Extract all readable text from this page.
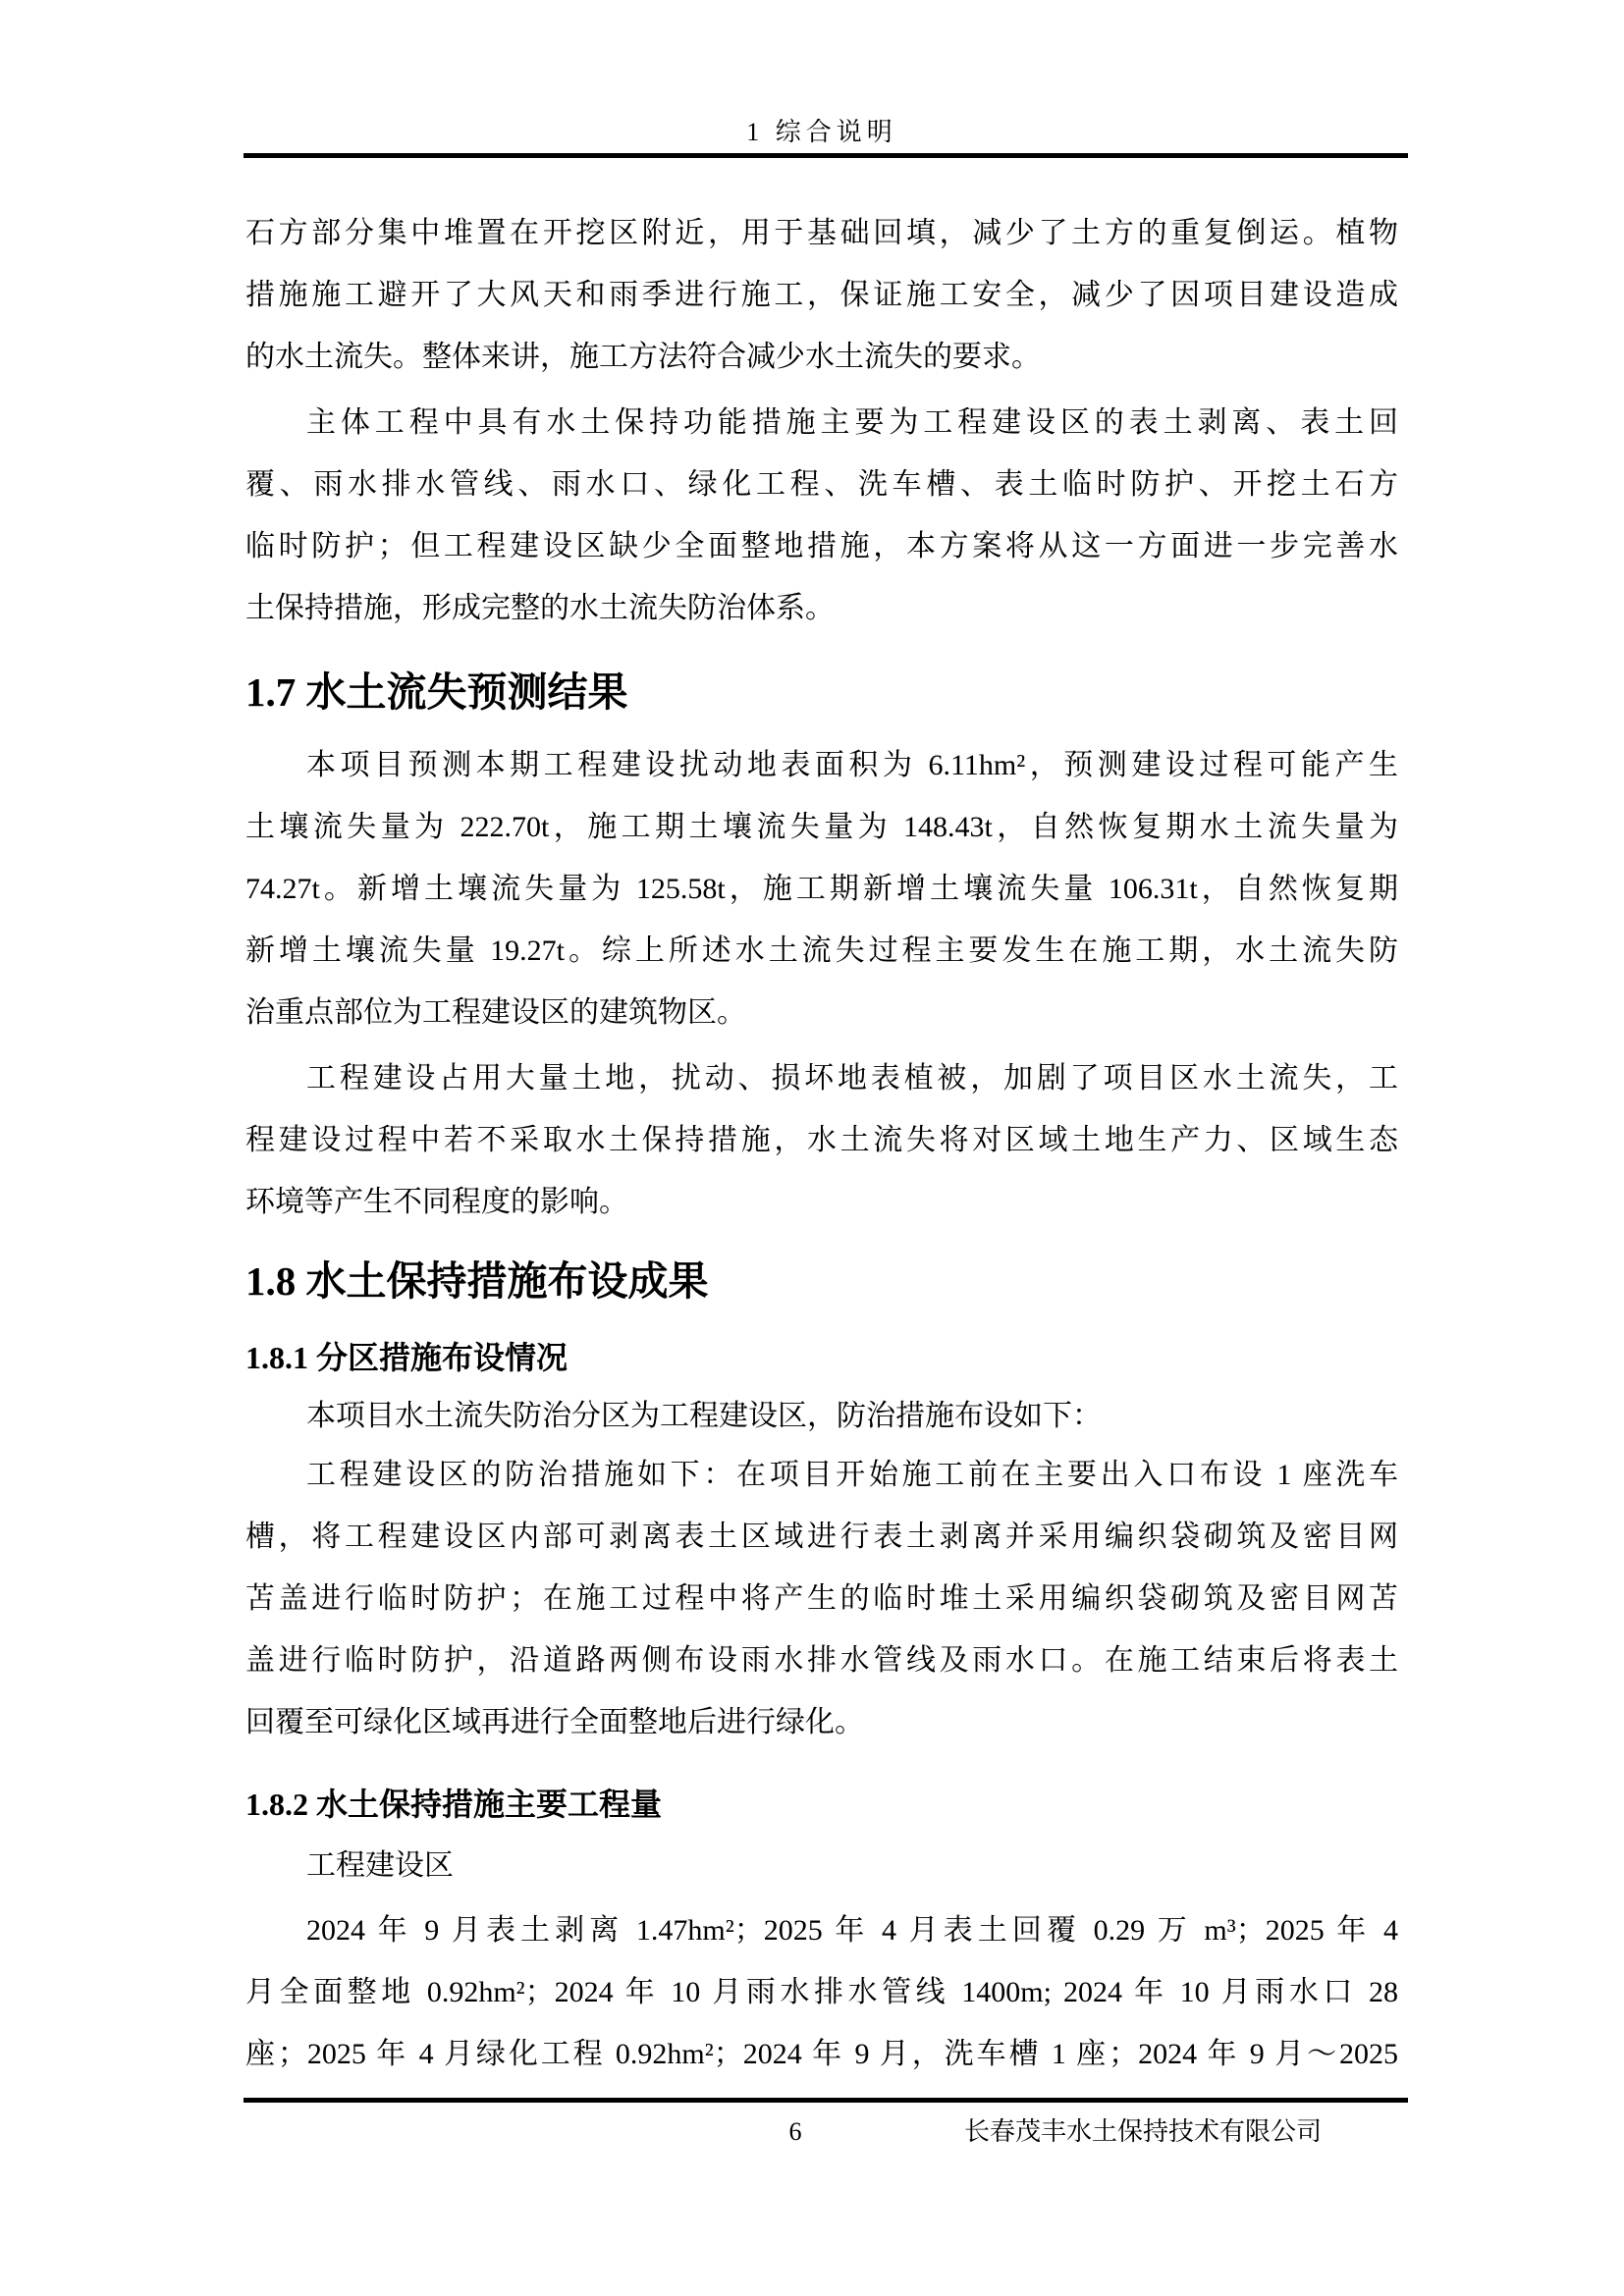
1 综合说明
石方部分集中堆置在开挖区附近，用于基础回填，减少了土方的重复倒运。植物
措施施工避开了大风天和雨季进行施工，保证施工安全，减少了因项目建设造成
的水土流失。整体来讲，施工方法符合减少水土流失的要求。
主体工程中具有水土保持功能措施主要为工程建设区的表土剥离、表土回
覆、雨水排水管线、雨水口、绿化工程、洗车槽、表土临时防护、开挖土石方
临时防护；但工程建设区缺少全面整地措施，本方案将从这一方面进一步完善水
土保持措施，形成完整的水土流失防治体系。
1.7 水土流失预测结果
本项目预测本期工程建设扰动地表面积为 6.11hm²，预测建设过程可能产生
土壤流失量为 222.70t，施工期土壤流失量为 148.43t，自然恢复期水土流失量为
74.27t。新增土壤流失量为 125.58t，施工期新增土壤流失量 106.31t，自然恢复期
新增土壤流失量 19.27t。综上所述水土流失过程主要发生在施工期，水土流失防
治重点部位为工程建设区的建筑物区。
工程建设占用大量土地，扰动、损坏地表植被，加剧了项目区水土流失，工
程建设过程中若不采取水土保持措施，水土流失将对区域土地生产力、区域生态
环境等产生不同程度的影响。
1.8 水土保持措施布设成果
1.8.1 分区措施布设情况
本项目水土流失防治分区为工程建设区，防治措施布设如下：
工程建设区的防治措施如下：在项目开始施工前在主要出入口布设 1 座洗车
槽，将工程建设区内部可剥离表土区域进行表土剥离并采用编织袋砌筑及密目网
苫盖进行临时防护；在施工过程中将产生的临时堆土采用编织袋砌筑及密目网苫
盖进行临时防护，沿道路两侧布设雨水排水管线及雨水口。在施工结束后将表土
回覆至可绿化区域再进行全面整地后进行绿化。
1.8.2 水土保持措施主要工程量
工程建设区
2024 年 9 月表土剥离 1.47hm²；2025 年 4 月表土回覆 0.29 万 m³；2025 年 4
月全面整地 0.92hm²；2024 年 10 月雨水排水管线 1400m; 2024 年 10 月雨水口 28
座；2025 年 4 月绿化工程 0.92hm²；2024 年 9 月，洗车槽 1 座；2024 年 9 月～2025
6	长春茂丰水土保持技术有限公司
